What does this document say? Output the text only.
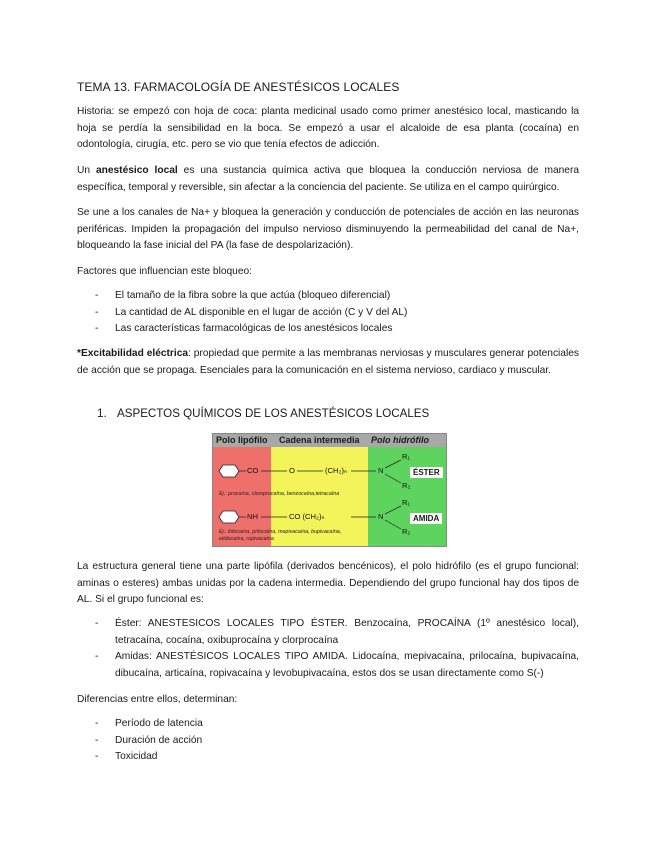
TEMA 13. FARMACOLOGÍA DE ANESTÉSICOS LOCALES
Historia: se empezó con hoja de coca: planta medicinal usado como primer anestésico local, masticando la hoja se perdía la sensibilidad en la boca. Se empezó a usar el alcaloide de esa planta (cocaína) en odontología, cirugía, etc. pero se vio que tenía efectos de adicción.
Un anestésico local es una sustancia química activa que bloquea la conducción nerviosa de manera específica, temporal y reversible, sin afectar a la conciencia del paciente. Se utiliza en el campo quirúrgico.
Se une a los canales de Na+ y bloquea la generación y conducción de potenciales de acción en las neuronas periféricas. Impiden la propagación del impulso nervioso disminuyendo la permeabilidad del canal de Na+, bloqueando la fase inicial del PA (la fase de despolarización).
Factores que influencian este bloqueo:
- El tamaño de la fibra sobre la que actúa (bloqueo diferencial)
- La cantidad de AL disponible en el lugar de acción (C y V del AL)
- Las características farmacológicas de los anestésicos locales
*Excitabilidad eléctrica: propiedad que permite a las membranas nerviosas y musculares generar potenciales de acción que se propaga. Esenciales para la comunicación en el sistema nervioso, cardiaco y muscular.
1. ASPECTOS QUÍMICOS DE LOS ANESTÉSICOS LOCALES
La estructura general tiene una parte lipófila (derivados bencénicos), el polo hidrófilo (es el grupo funcional: aminas o esteres) ambas unidas por la cadena intermedia. Dependiendo del grupo funcional hay dos tipos de AL. Si el grupo funcional es:
- Éster: ANESTESICOS LOCALES TIPO ÉSTER. Benzocaína, PROCAÍNA (1º anestésico local), tetracaína, cocaína, oxibuprocaína y clorprocaína
- Amidas: ANESTÉSICOS LOCALES TIPO AMIDA. Lidocaína, mepivacaína, prilocaína, bupivacaína, dibucaína, articaína, ropivacaína y levobupivacaína, estos dos se usan directamente como S(-)
Diferencias entre ellos, determinan:
- Período de latencia
- Duración de acción
- Toxicidad
Polo lipófilo Cadena intermedia Polo hidrófilo
CO	O	(CH₂)ₙ	N
R₁
R₂
ÉSTER
Ej.: procaína, cloroprocaína, benzocaína,tetracaína
NH	CO (CH₂)ₙ	N
R₁
R₂
AMIDA
Ej.: lidocaína, prilocaína, mepivacaína, bupivacaína,
etidocaína, ropivacaína
